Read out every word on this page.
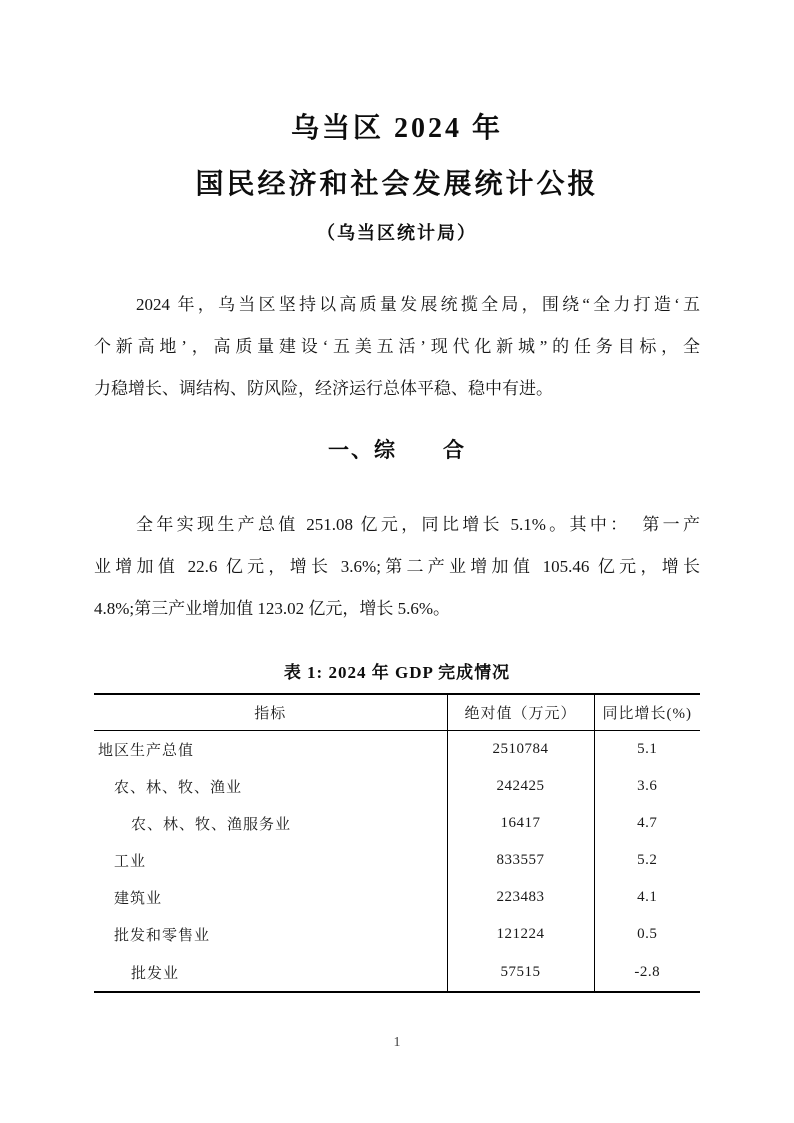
乌当区 2024 年
国民经济和社会发展统计公报
（乌当区统计局）
2024 年，乌当区坚持以高质量发展统揽全局，围绕“全力打造‘五
个新高地’，高质量建设‘五美五活’现代化新城”的任务目标，全
力稳增长、调结构、防风险，经济运行总体平稳、稳中有进。
一、综　　合
全年实现生产总值 251.08 亿元，同比增长 5.1%。其中：　第一产
业增加值 22.6 亿元，增长 3.6%;第二产业增加值 105.46 亿元，增长
4.8%;第三产业增加值 123.02 亿元，增长 5.6%。
表 1: 2024 年 GDP 完成情况
指标	绝对值（万元）	同比增长(%)
地区生产总值	2510784	5.1
农、林、牧、渔业	242425	3.6
农、林、牧、渔服务业	16417	4.7
工业	833557	5.2
建筑业	223483	4.1
批发和零售业	121224	0.5
批发业	57515	-2.8
1
